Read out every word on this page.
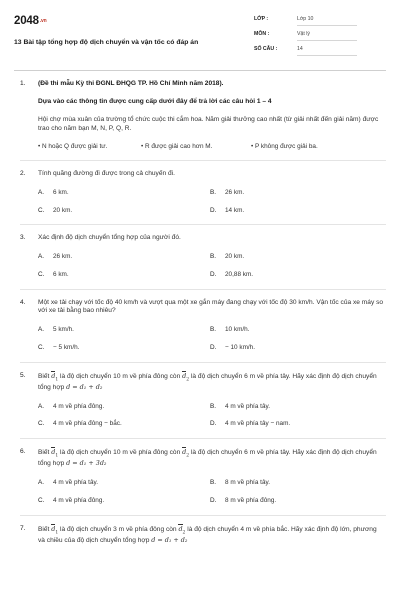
2048.vn
13 Bài tập tổng hợp độ dịch chuyển và vận tốc có đáp án
LỚP :	Lớp 10
MÔN :	Vật lý
SỐ CÂU :	14
1. (Đề thi mẫu Kỳ thi ĐGNL ĐHQG TP. Hồ Chí Minh năm 2018).
Dựa vào các thông tin được cung cấp dưới đây để trả lời các câu hỏi 1 – 4
Hội chợ mùa xuân của trường tổ chức cuộc thi cắm hoa. Năm giải thưởng cao nhất (từ giải nhất đến giải năm) được trao cho năm bạn M, N, P, Q, R.
• N hoặc Q được giải tư.	• R được giải cao hơn M.	• P không được giải ba.
2. Tính quãng đường đi được trong cả chuyến đi.
A.	6 km.	B.	26 km.
C.	20 km.	D.	14 km.
3. Xác định độ dịch chuyển tổng hợp của người đó.
A.	26 km.	B.	20 km.
C.	6 km.	D.	20,88 km.
4. Một xe tải chạy với tốc độ 40 km/h và vượt qua một xe gắn máy đang chạy với tốc độ 30 km/h. Vận tốc của xe máy so với xe tải bằng bao nhiêu?
A.	5 km/h.	B.	10 km/h.
C.	− 5 km/h.	D.	− 10 km/h.
5. Biết $d_1$ là độ dịch chuyển 10 m về phía đông còn $d_2$ là độ dịch chuyển 6 m về phía tây. Hãy xác định độ dịch chuyển tổng hợp d = d₁ + d₂
A.	4 m về phía đông.	B.	4 m về phía tây.
C.	4 m về phía đông − bắc.	D.	4 m về phía tây − nam.
6. Biết $d_1$ là độ dịch chuyển 10 m về phía đông còn $d_2$ là độ dịch chuyển 6 m về phía tây. Hãy xác định độ dịch chuyển tổng hợp d = d₁ + 3d₂
A.	4 m về phía tây.	B.	8 m về phía tây.
C.	4 m về phía đông.	D.	8 m về phía đông.
7. Biết $d_1$ là độ dịch chuyển 3 m về phía đông còn $d_2$ là độ dịch chuyển 4 m về phía bắc. Hãy xác định độ lớn, phương và chiều của độ dịch chuyển tổng hợp d = d₁ + d₂
